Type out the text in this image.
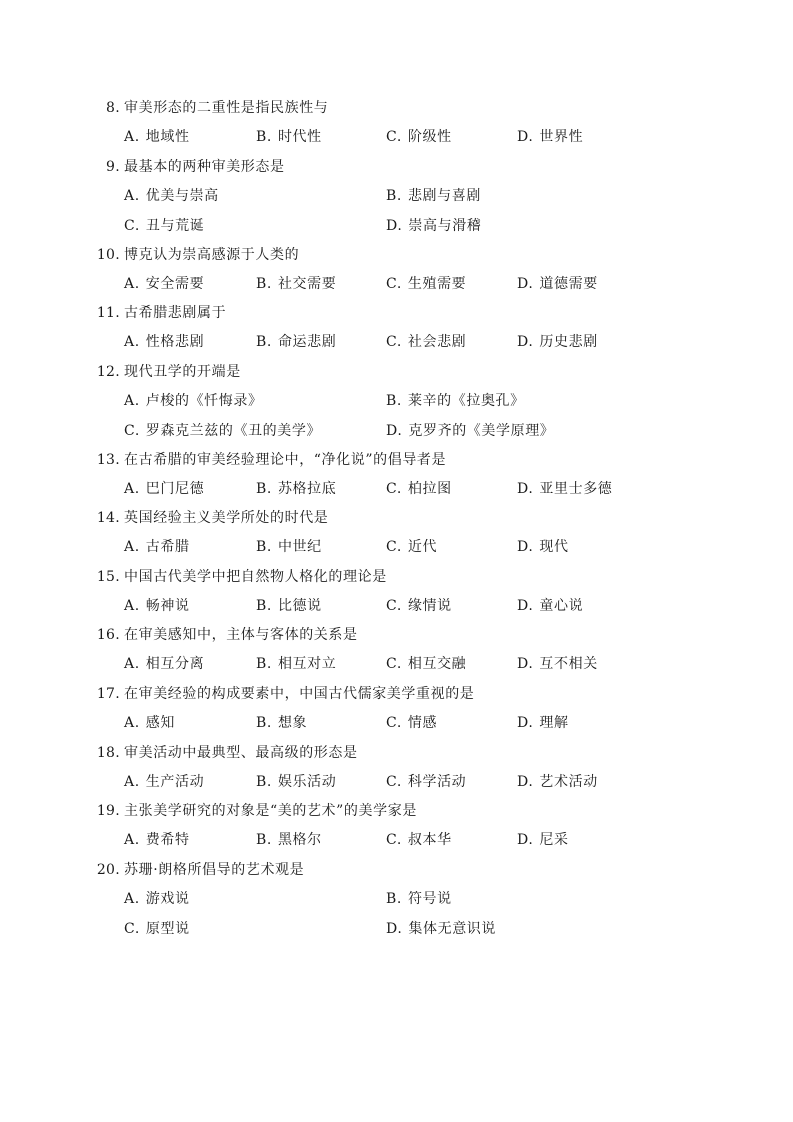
8. 审美形态的二重性是指民族性与
A. 地域性	B. 时代性	C. 阶级性	D. 世界性
9. 最基本的两种审美形态是
A. 优美与崇高	B. 悲剧与喜剧
C. 丑与荒诞	D. 崇高与滑稽
10. 博克认为崇高感源于人类的
A. 安全需要	B. 社交需要	C. 生殖需要	D. 道德需要
11. 古希腊悲剧属于
A. 性格悲剧	B. 命运悲剧	C. 社会悲剧	D. 历史悲剧
12. 现代丑学的开端是
A. 卢梭的《忏悔录》	B. 莱辛的《拉奥孔》
C. 罗森克兰兹的《丑的美学》	D. 克罗齐的《美学原理》
13. 在古希腊的审美经验理论中，“净化说”的倡导者是
A. 巴门尼德	B. 苏格拉底	C. 柏拉图	D. 亚里士多德
14. 英国经验主义美学所处的时代是
A. 古希腊	B. 中世纪	C. 近代	D. 现代
15. 中国古代美学中把自然物人格化的理论是
A. 畅神说	B. 比德说	C. 缘情说	D. 童心说
16. 在审美感知中，主体与客体的关系是
A. 相互分离	B. 相互对立	C. 相互交融	D. 互不相关
17. 在审美经验的构成要素中，中国古代儒家美学重视的是
A. 感知	B. 想象	C. 情感	D. 理解
18. 审美活动中最典型、最高级的形态是
A. 生产活动	B. 娱乐活动	C. 科学活动	D. 艺术活动
19. 主张美学研究的对象是“美的艺术”的美学家是
A. 费希特	B. 黑格尔	C. 叔本华	D. 尼采
20. 苏珊·朗格所倡导的艺术观是
A. 游戏说	B. 符号说
C. 原型说	D. 集体无意识说
